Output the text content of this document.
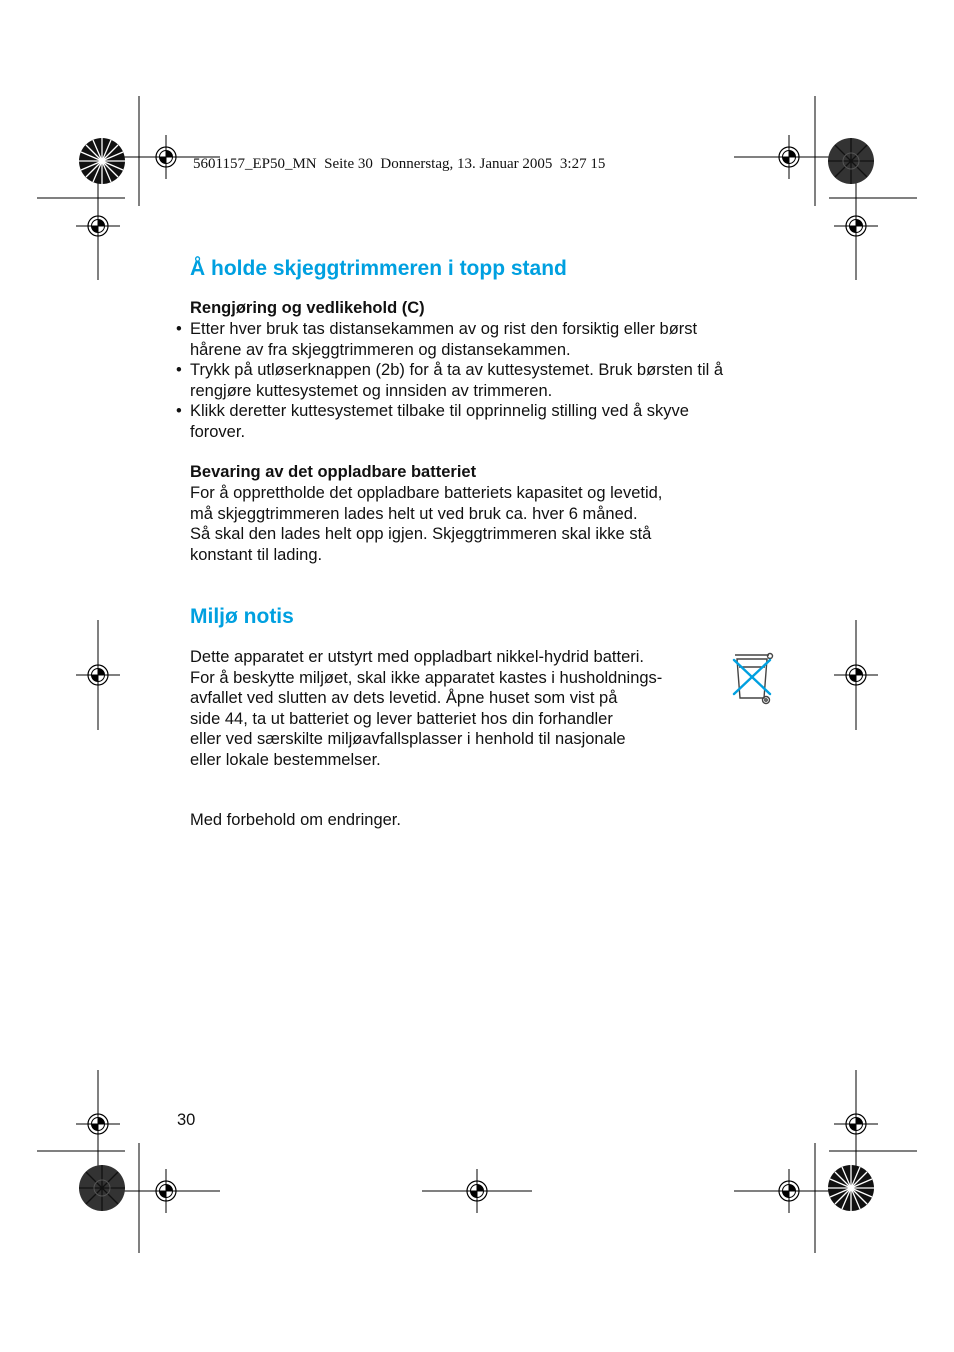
5601157_EP50_MN  Seite 30  Donnerstag, 13. Januar 2005  3:27 15
Å holde skjeggtrimmeren i topp stand
Rengjøring og vedlikehold (C)
• Etter hver bruk tas distansekammen av og rist den forsiktig eller børst
hårene av fra skjeggtrimmeren og distansekammen.
• Trykk på utløserknappen (2b) for å ta av kuttesystemet. Bruk børsten til å
rengjøre kuttesystemet og innsiden av trimmeren.
• Klikk deretter kuttesystemet tilbake til opprinnelig stilling ved å skyve
forover.
Bevaring av det oppladbare batteriet
For å opprettholde det oppladbare batteriets kapasitet og levetid,
må skjeggtrimmeren lades helt ut ved bruk ca. hver 6 måned.
Så skal den lades helt opp igjen. Skjeggtrimmeren skal ikke stå
konstant til lading.
Miljø notis
Dette apparatet er utstyrt med oppladbart nikkel-hydrid batteri.
For å beskytte miljøet, skal ikke apparatet kastes i husholdnings-
avfallet ved slutten av dets levetid. Åpne huset som vist på
side 44, ta ut batteriet og lever batteriet hos din forhandler
eller ved særskilte miljøavfallsplasser i henhold til nasjonale
eller lokale bestemmelser.
Med forbehold om endringer.
30
